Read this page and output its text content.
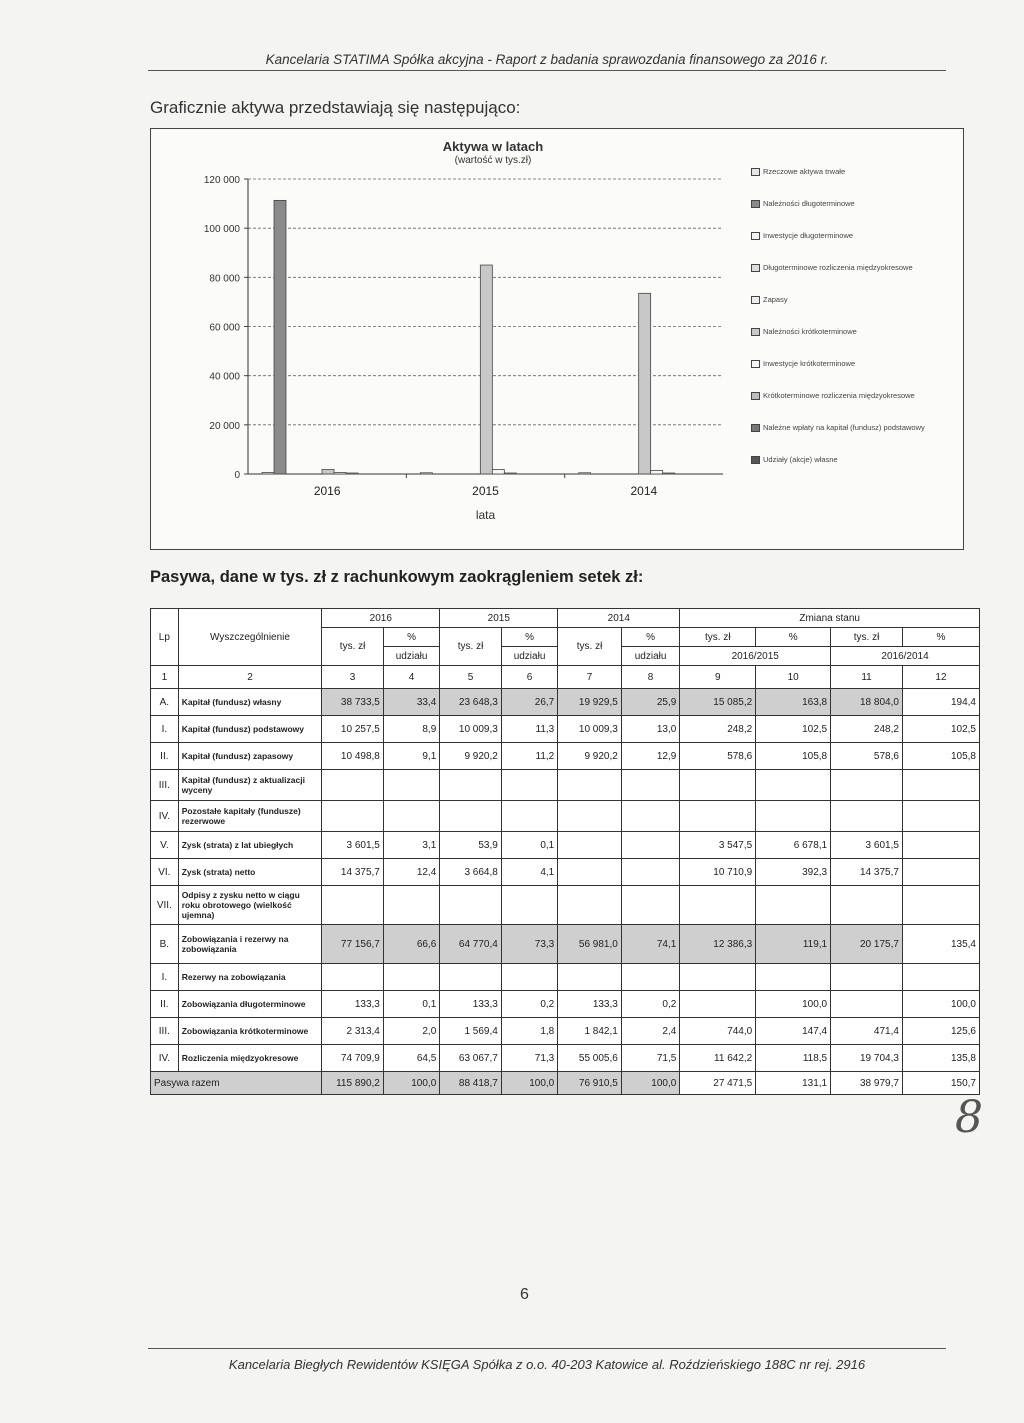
Kancelaria STATIMA Spółka akcyjna - Raport z badania sprawozdania finansowego za 2016 r.
Graficznie aktywa przedstawiają się następująco:
Aktywa w latach
(wartość w tys.zł)
0
20 000
40 000
60 000
80 000
100 000
120 000
2016	2015	2014
lata
Rzeczowe aktywa trwałe
Należności długoterminowe
Inwestycje długoterminowe
Długoterminowe rozliczenia międzyokresowe
Zapasy
Należności krótkoterminowe
Inwestycje krótkoterminowe
Krótkoterminowe rozliczenia międzyokresowe
Należne wpłaty na kapitał (fundusz) podstawowy
Udziały (akcje) własne
Pasywa, dane w tys. zł z rachunkowym zaokrągleniem setek zł:
Lp	Wyszczególnienie	2016		2015		2014		Zmiana stanu			
		tys. zł	%	tys. zł	%	tys. zł	%	tys. zł	%	tys. zł	%
			udziału		udziału		udziału	2016/2015		2016/2014	
1	2	3	4	5	6	7	8	9	10	11	12
A.	Kapitał (fundusz) własny	38 733,5	33,4	23 648,3	26,7	19 929,5	25,9	15 085,2	163,8	18 804,0	194,4
I.	Kapitał (fundusz) podstawowy	10 257,5	8,9	10 009,3	11,3	10 009,3	13,0	248,2	102,5	248,2	102,5
II.	Kapitał (fundusz) zapasowy	10 498,8	9,1	9 920,2	11,2	9 920,2	12,9	578,6	105,8	578,6	105,8
III.	Kapitał (fundusz) z aktualizacji wyceny										
IV.	Pozostałe kapitały (fundusze) rezerwowe										
V.	Zysk (strata) z lat ubiegłych	3 601,5	3,1	53,9	0,1			3 547,5	6 678,1	3 601,5	
VI.	Zysk (strata) netto	14 375,7	12,4	3 664,8	4,1			10 710,9	392,3	14 375,7	
VII.	Odpisy z zysku netto w ciągu roku obrotowego (wielkość ujemna)										
B.	Zobowiązania i rezerwy na zobowiązania	77 156,7	66,6	64 770,4	73,3	56 981,0	74,1	12 386,3	119,1	20 175,7	135,4
I.	Rezerwy na zobowiązania										
II.	Zobowiązania długoterminowe	133,3	0,1	133,3	0,2	133,3	0,2		100,0		100,0
III.	Zobowiązania krótkoterminowe	2 313,4	2,0	1 569,4	1,8	1 842,1	2,4	744,0	147,4	471,4	125,6
IV.	Rozliczenia międzyokresowe	74 709,9	64,5	63 067,7	71,3	55 005,6	71,5	11 642,2	118,5	19 704,3	135,8
Pasywa razem		115 890,2	100,0	88 418,7	100,0	76 910,5	100,0	27 471,5	131,1	38 979,7	150,7
8
6
Kancelaria Biegłych Rewidentów KSIĘGA Spółka z o.o. 40-203 Katowice al. Roździeńskiego 188C nr rej. 2916
